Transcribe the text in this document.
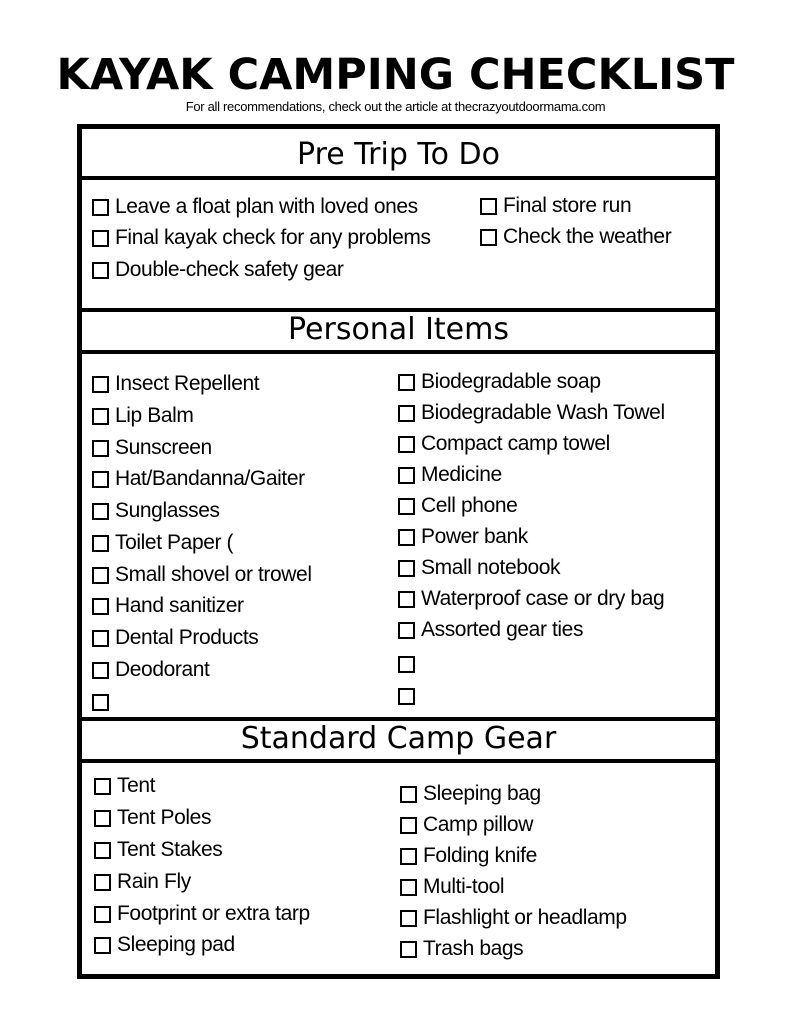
KAYAK CAMPING CHECKLIST
For all recommendations, check out the article at thecrazyoutdoormama.com
Pre Trip To Do
Leave a float plan with loved ones
Final kayak check for any problems
Double-check safety gear
Final store run
Check the weather
Personal Items
Insect Repellent
Lip Balm
Sunscreen
Hat/Bandanna/Gaiter
Sunglasses
Toilet Paper (
Small shovel or trowel
Hand sanitizer
Dental Products
Deodorant
Biodegradable soap
Biodegradable Wash Towel
Compact camp towel
Medicine
Cell phone
Power bank
Small notebook
Waterproof case or dry bag
Assorted gear ties
Standard Camp Gear
Tent
Tent Poles
Tent Stakes
Rain Fly
Footprint or extra tarp
Sleeping pad
Sleeping bag
Camp pillow
Folding knife
Multi-tool
Flashlight or headlamp
Trash bags
